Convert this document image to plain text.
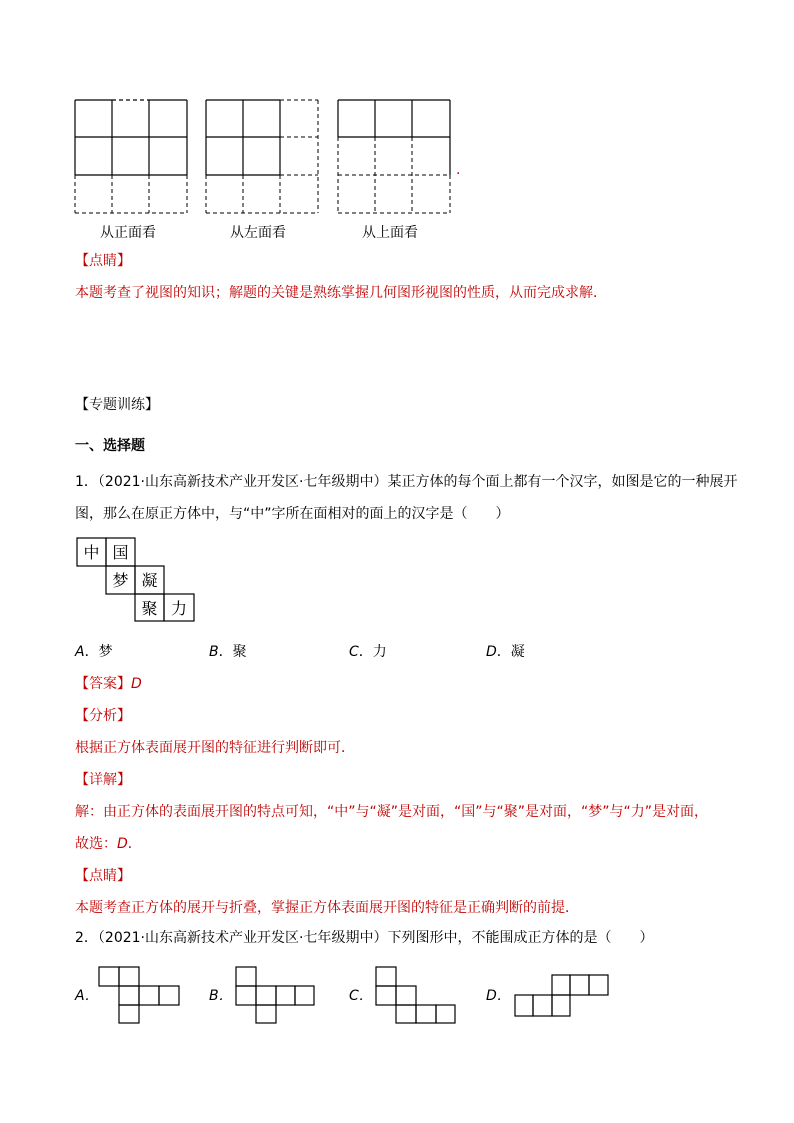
.
从正面看	从左面看	从上面看
【点睛】
本题考查了视图的知识；解题的关键是熟练掌握几何图形视图的性质，从而完成求解．
【专题训练】
一、选择题
1．（2021·山东高新技术产业开发区·七年级期中）某正方体的每个面上都有一个汉字，如图是它的一种展开
图，那么在原正方体中，与“中”字所在面相对的面上的汉字是（　　）
中 国
梦 凝
聚 力
A．梦	B．聚	C．力	D．凝
【答案】D
【分析】
根据正方体表面展开图的特征进行判断即可．
【详解】
解：由正方体的表面展开图的特点可知，“中”与“凝”是对面，“国”与“聚”是对面，“梦”与“力”是对面，
故选：D．
【点睛】
本题考查正方体的展开与折叠，掌握正方体表面展开图的特征是正确判断的前提．
2．（2021·山东高新技术产业开发区·七年级期中）下列图形中，不能围成正方体的是（　　）
A．	B．	C．	D．
